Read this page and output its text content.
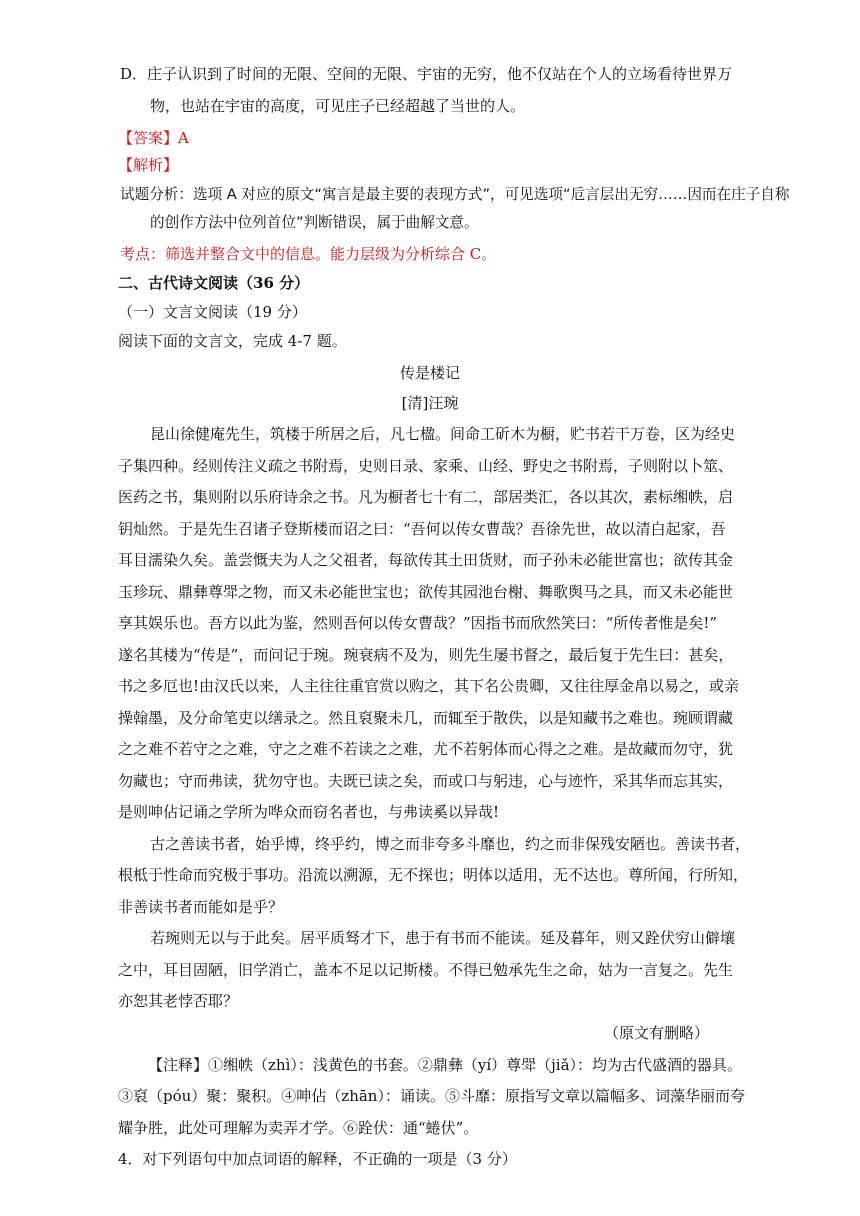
D．庄子认识到了时间的无限、空间的无限、宇宙的无穷，他不仅站在个人的立场看待世界万
物，也站在宇宙的高度，可见庄子已经超越了当世的人。
【答案】A
【解析】
试题分析：选项 A 对应的原文“寓言是最主要的表现方式”，可见选项“卮言层出无穷……因而在庄子自称
的创作方法中位列首位”判断错误，属于曲解文意。
考点：筛选并整合文中的信息。能力层级为分析综合 C。
二、古代诗文阅读（36 分）
（一）文言文阅读（19 分）
阅读下面的文言文，完成 4-7 题。
传是楼记
[清]汪琬
昆山徐健庵先生，筑楼于所居之后，凡七楹。间命工斫木为橱，贮书若干万卷，区为经史
子集四种。经则传注义疏之书附焉，史则日录、家乘、山经、野史之书附焉，子则附以卜筮、
医药之书，集则附以乐府诗余之书。凡为橱者七十有二，部居类汇，各以其次，素标缃帙，启
钥灿然。于是先生召诸子登斯楼而诏之曰：“吾何以传女曹哉？吾徐先世，故以清白起家，吾
耳目濡染久矣。盖尝慨夫为人之父祖者，每欲传其土田货财，而子孙未必能世富也；欲传其金
玉珍玩、鼎彝尊斝之物，而又未必能世宝也；欲传其园池台榭、舞歌舆马之具，而又未必能世
享其娱乐也。吾方以此为鉴，然则吾何以传女曹哉？”因指书而欣然笑曰：“所传者惟是矣!”
遂名其楼为“传是”，而问记于琬。琬衰病不及为，则先生屡书督之，最后复于先生曰：甚矣，
书之多厄也!由汉氏以来，人主往往重官赏以购之，其下名公贵卿，又往往厚金帛以易之，或亲
操翰墨，及分命笔吏以缮录之。然且裒聚未几，而辄至于散佚，以是知藏书之难也。琬顾谓藏
之之难不若守之之难，守之之难不若读之之难，尤不若躬体而心得之之难。是故藏而勿守，犹
勿藏也；守而弗读，犹勿守也。夫既已读之矣，而或口与躬违，心与迹忤，采其华而忘其实，
是则呻佔记诵之学所为哗众而窃名者也，与弗读奚以异哉!
古之善读书者，始乎博，终乎约，博之而非夸多斗靡也，约之而非保残安陋也。善读书者，
根柢于性命而究极于事功。沿流以溯源，无不探也；明体以适用，无不达也。尊所闻，行所知，
非善读书者而能如是乎？
若琬则无以与于此矣。居平质驽才下，患于有书而不能读。延及暮年，则又跧伏穷山僻壤
之中，耳目固陋，旧学消亡，盖本不足以记斯楼。不得已勉承先生之命，姑为一言复之。先生
亦恕其老悖否耶？
（原文有删略）
【注释】①缃帙（zhì）：浅黄色的书套。②鼎彝（yí）尊斝（jiǎ）：均为古代盛酒的器具。
③裒（póu）聚：聚积。④呻佔（zhān）：诵读。⑤斗靡：原指写文章以篇幅多、词藻华丽而夸
耀争胜，此处可理解为卖弄才学。⑥跧伏：通“蜷伏”。
4．对下列语句中加点词语的解释，不正确的一项是（3 分）
